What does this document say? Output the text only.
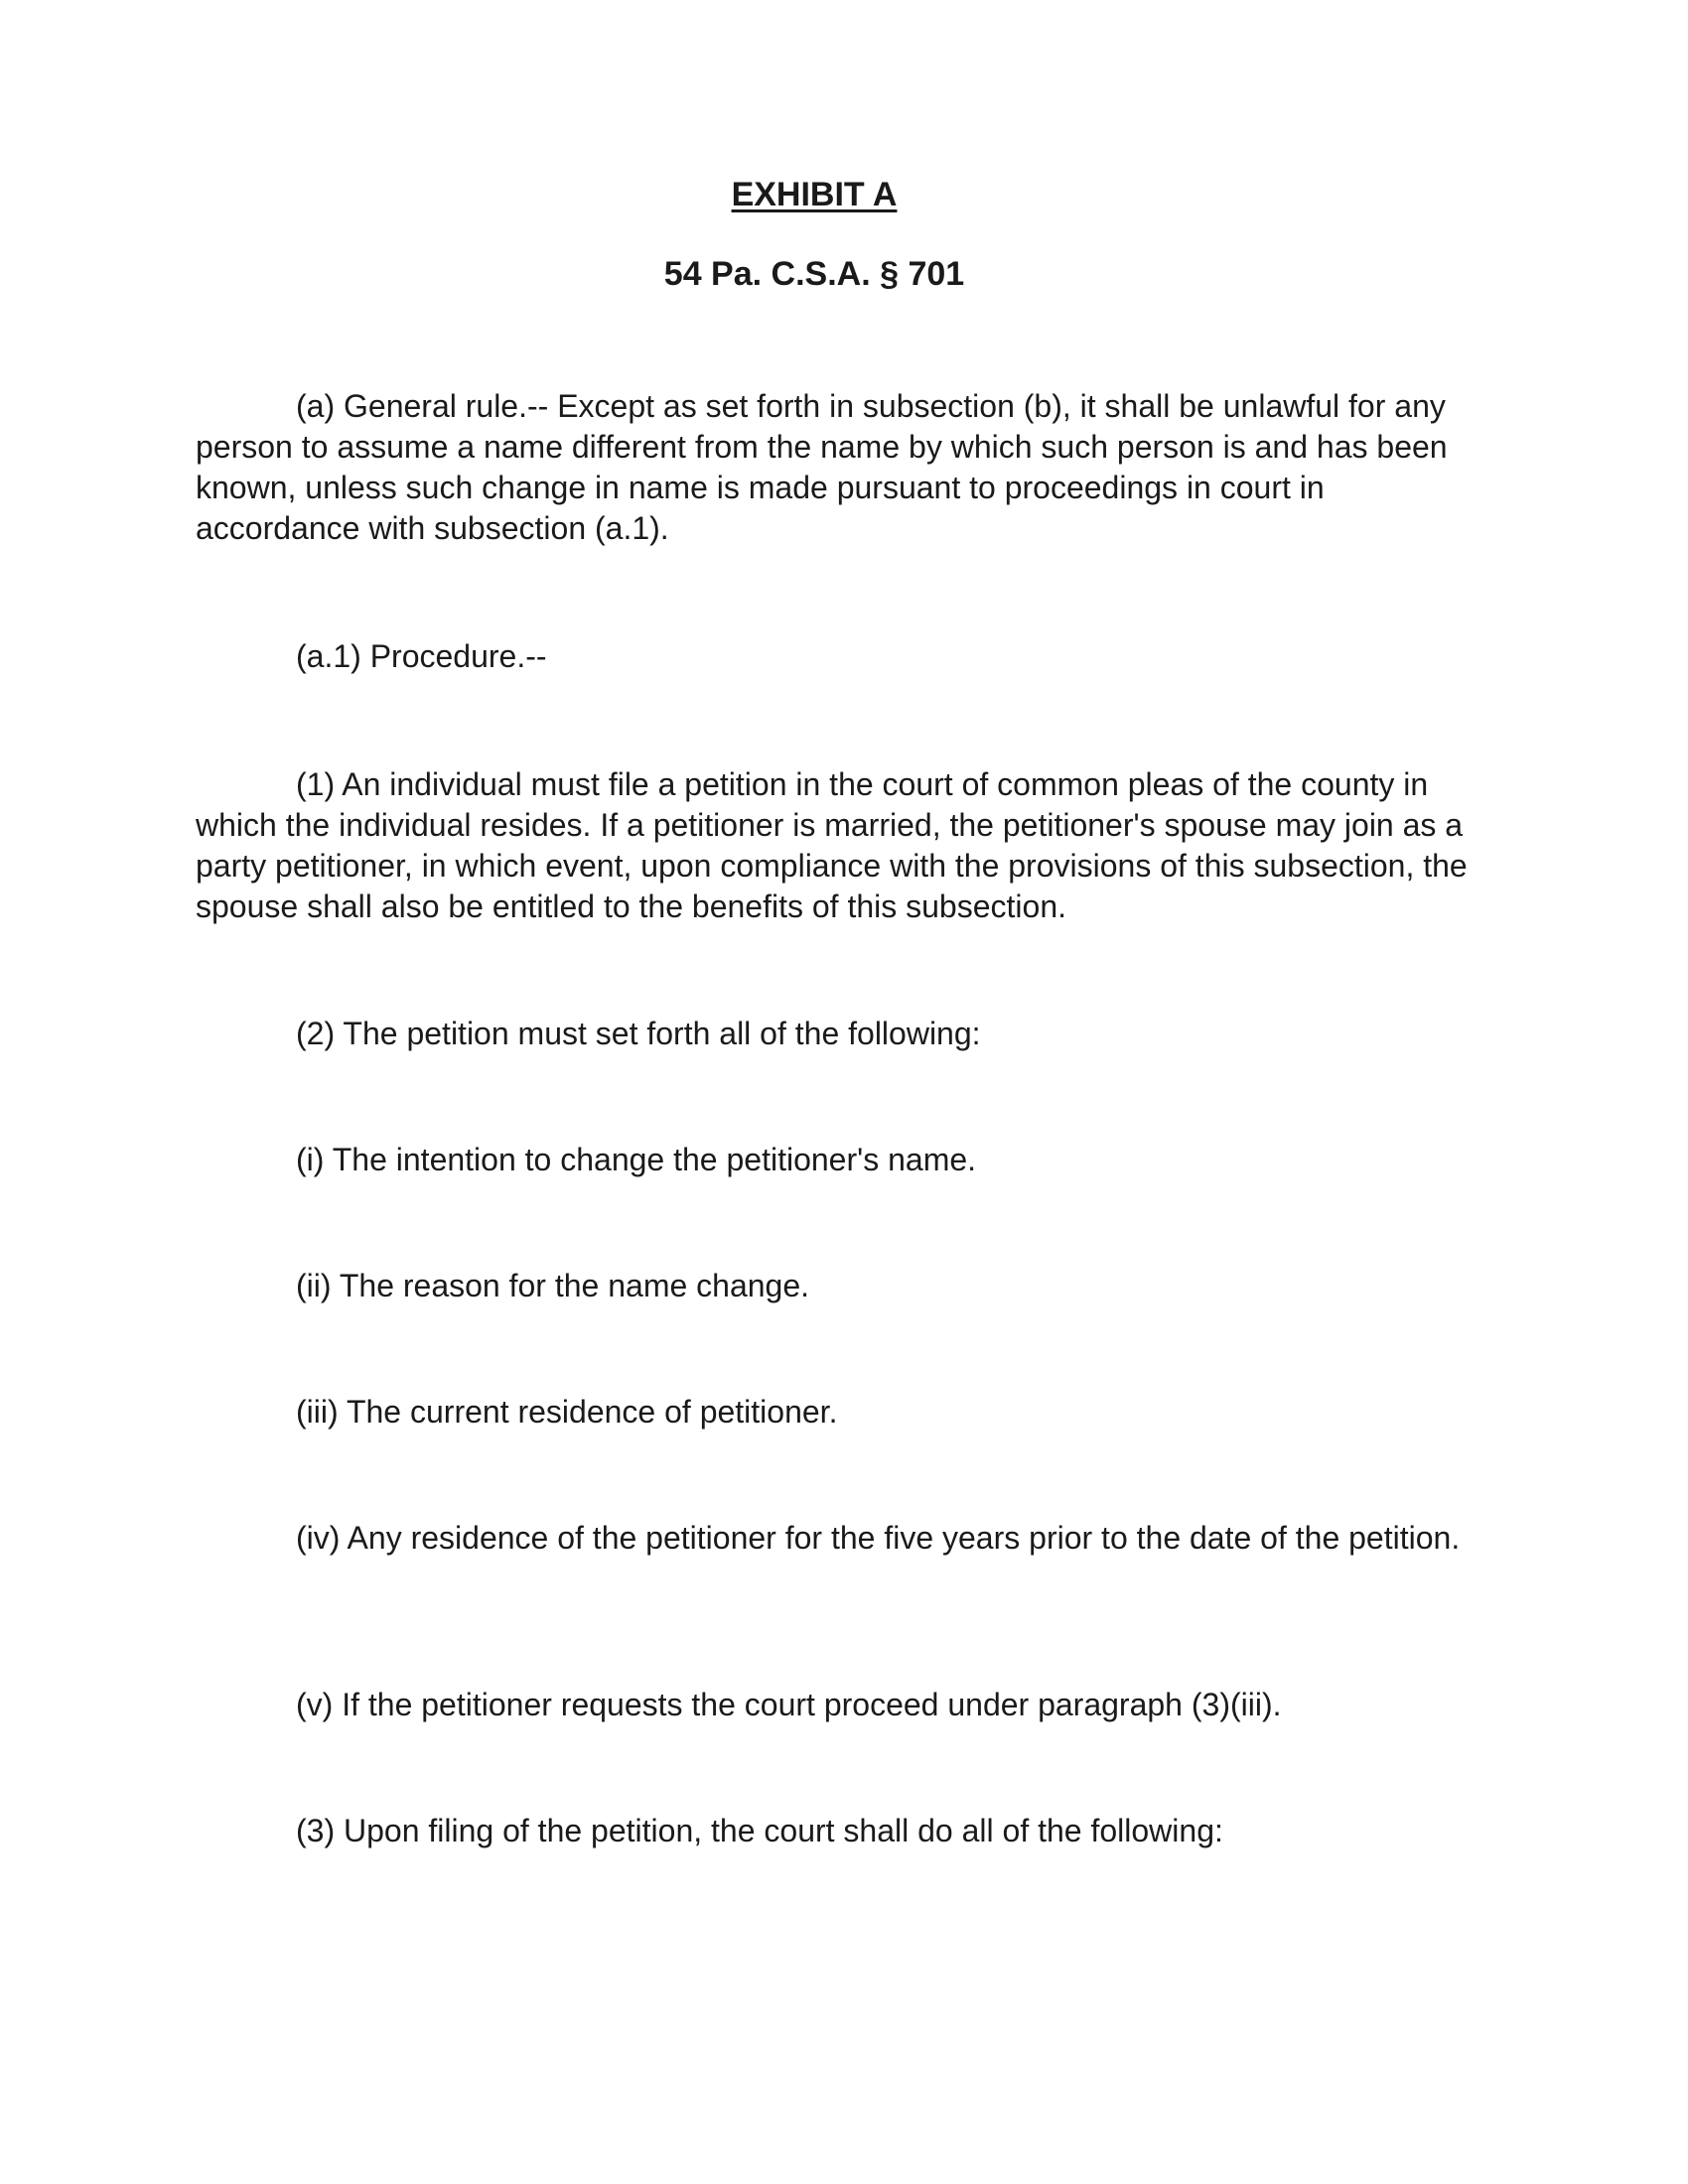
EXHIBIT A
54 Pa. C.S.A. § 701

(a) General rule.-- Except as set forth in subsection (b), it shall be unlawful for any person to assume a name different from the name by which such person is and has been known, unless such change in name is made pursuant to proceedings in court in accordance with subsection (a.1).

(a.1) Procedure.--

(1) An individual must file a petition in the court of common pleas of the county in which the individual resides. If a petitioner is married, the petitioner's spouse may join as a party petitioner, in which event, upon compliance with the provisions of this subsection, the spouse shall also be entitled to the benefits of this subsection.

(2) The petition must set forth all of the following:

(i) The intention to change the petitioner's name.

(ii) The reason for the name change.

(iii) The current residence of petitioner.

(iv) Any residence of the petitioner for the five years prior to the date of the petition.

(v) If the petitioner requests the court proceed under paragraph (3)(iii).

(3) Upon filing of the petition, the court shall do all of the following:
